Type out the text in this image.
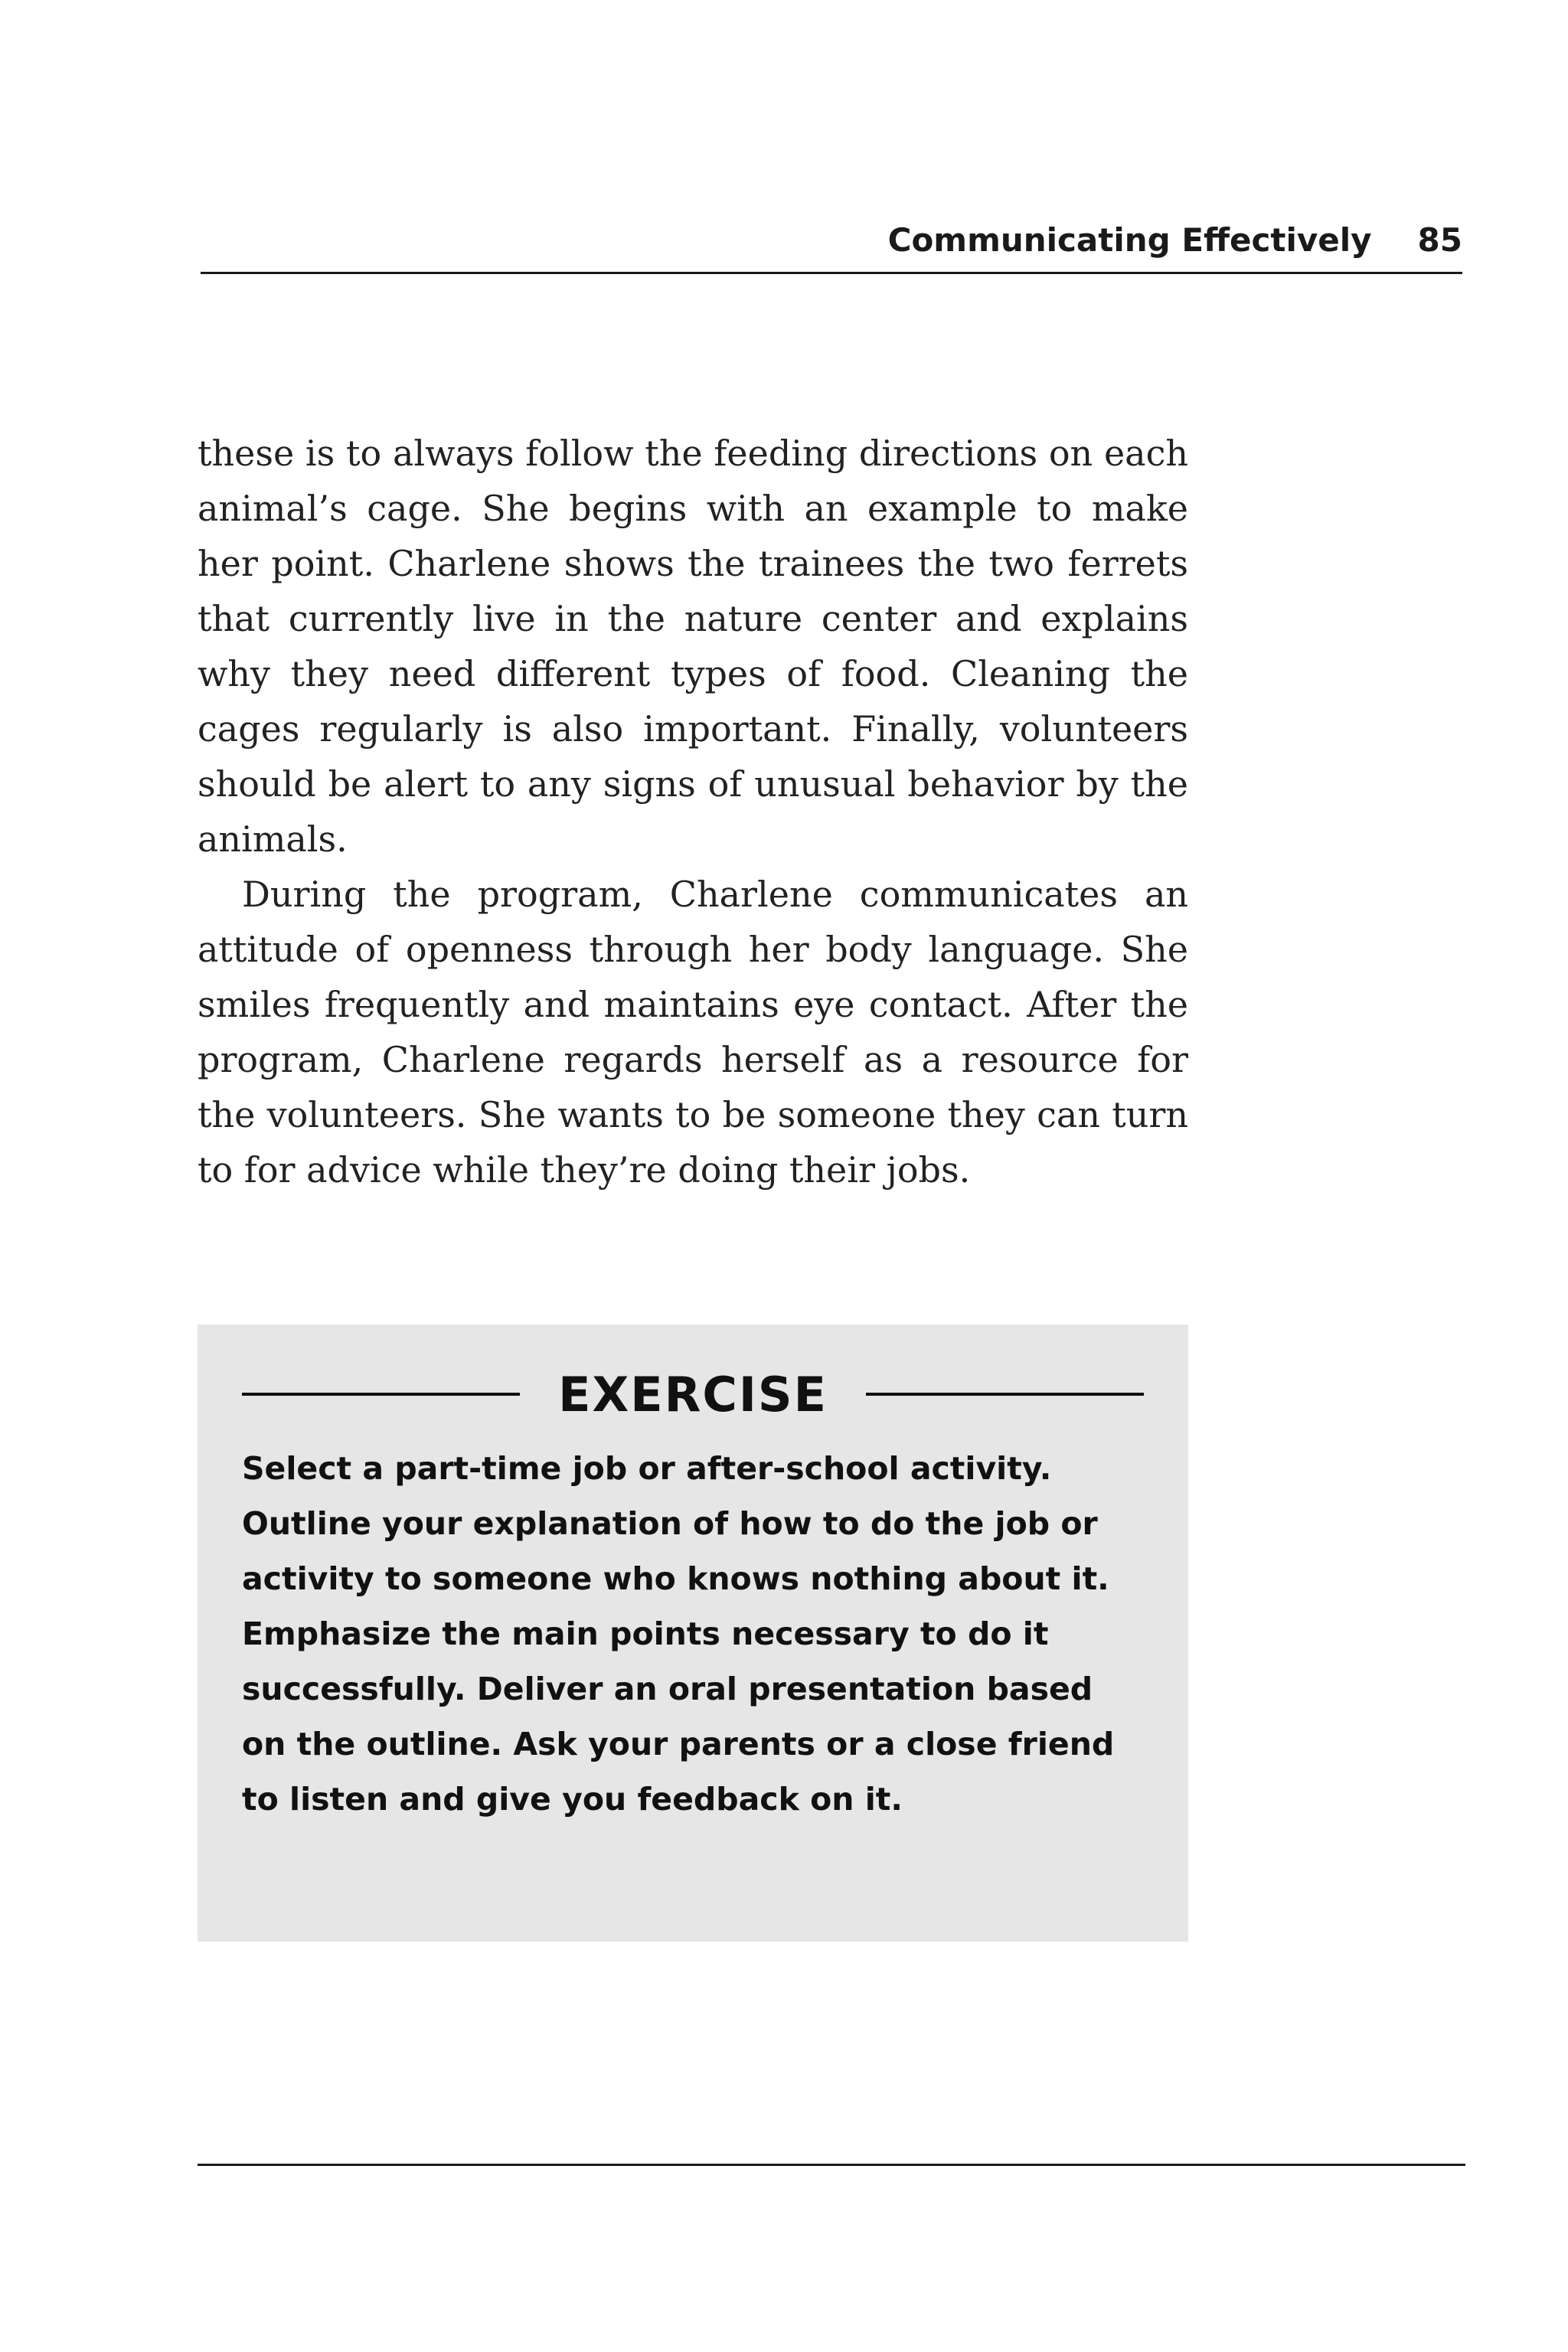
Communicating Effectively 85

these is to always follow the feeding directions on each animal’s cage. She begins with an example to make her point. Charlene shows the trainees the two ferrets that currently live in the nature center and explains why they need different types of food. Cleaning the cages regularly is also important. Finally, volunteers should be alert to any signs of unusual behavior by the animals.

During the program, Charlene communicates an attitude of openness through her body language. She smiles frequently and maintains eye contact. After the program, Charlene regards herself as a resource for the volunteers. She wants to be someone they can turn to for advice while they’re doing their jobs.

EXERCISE
Select a part-time job or after-school activity. Outline your explanation of how to do the job or activity to someone who knows nothing about it. Emphasize the main points necessary to do it successfully. Deliver an oral presentation based on the outline. Ask your parents or a close friend to listen and give you feedback on it.
